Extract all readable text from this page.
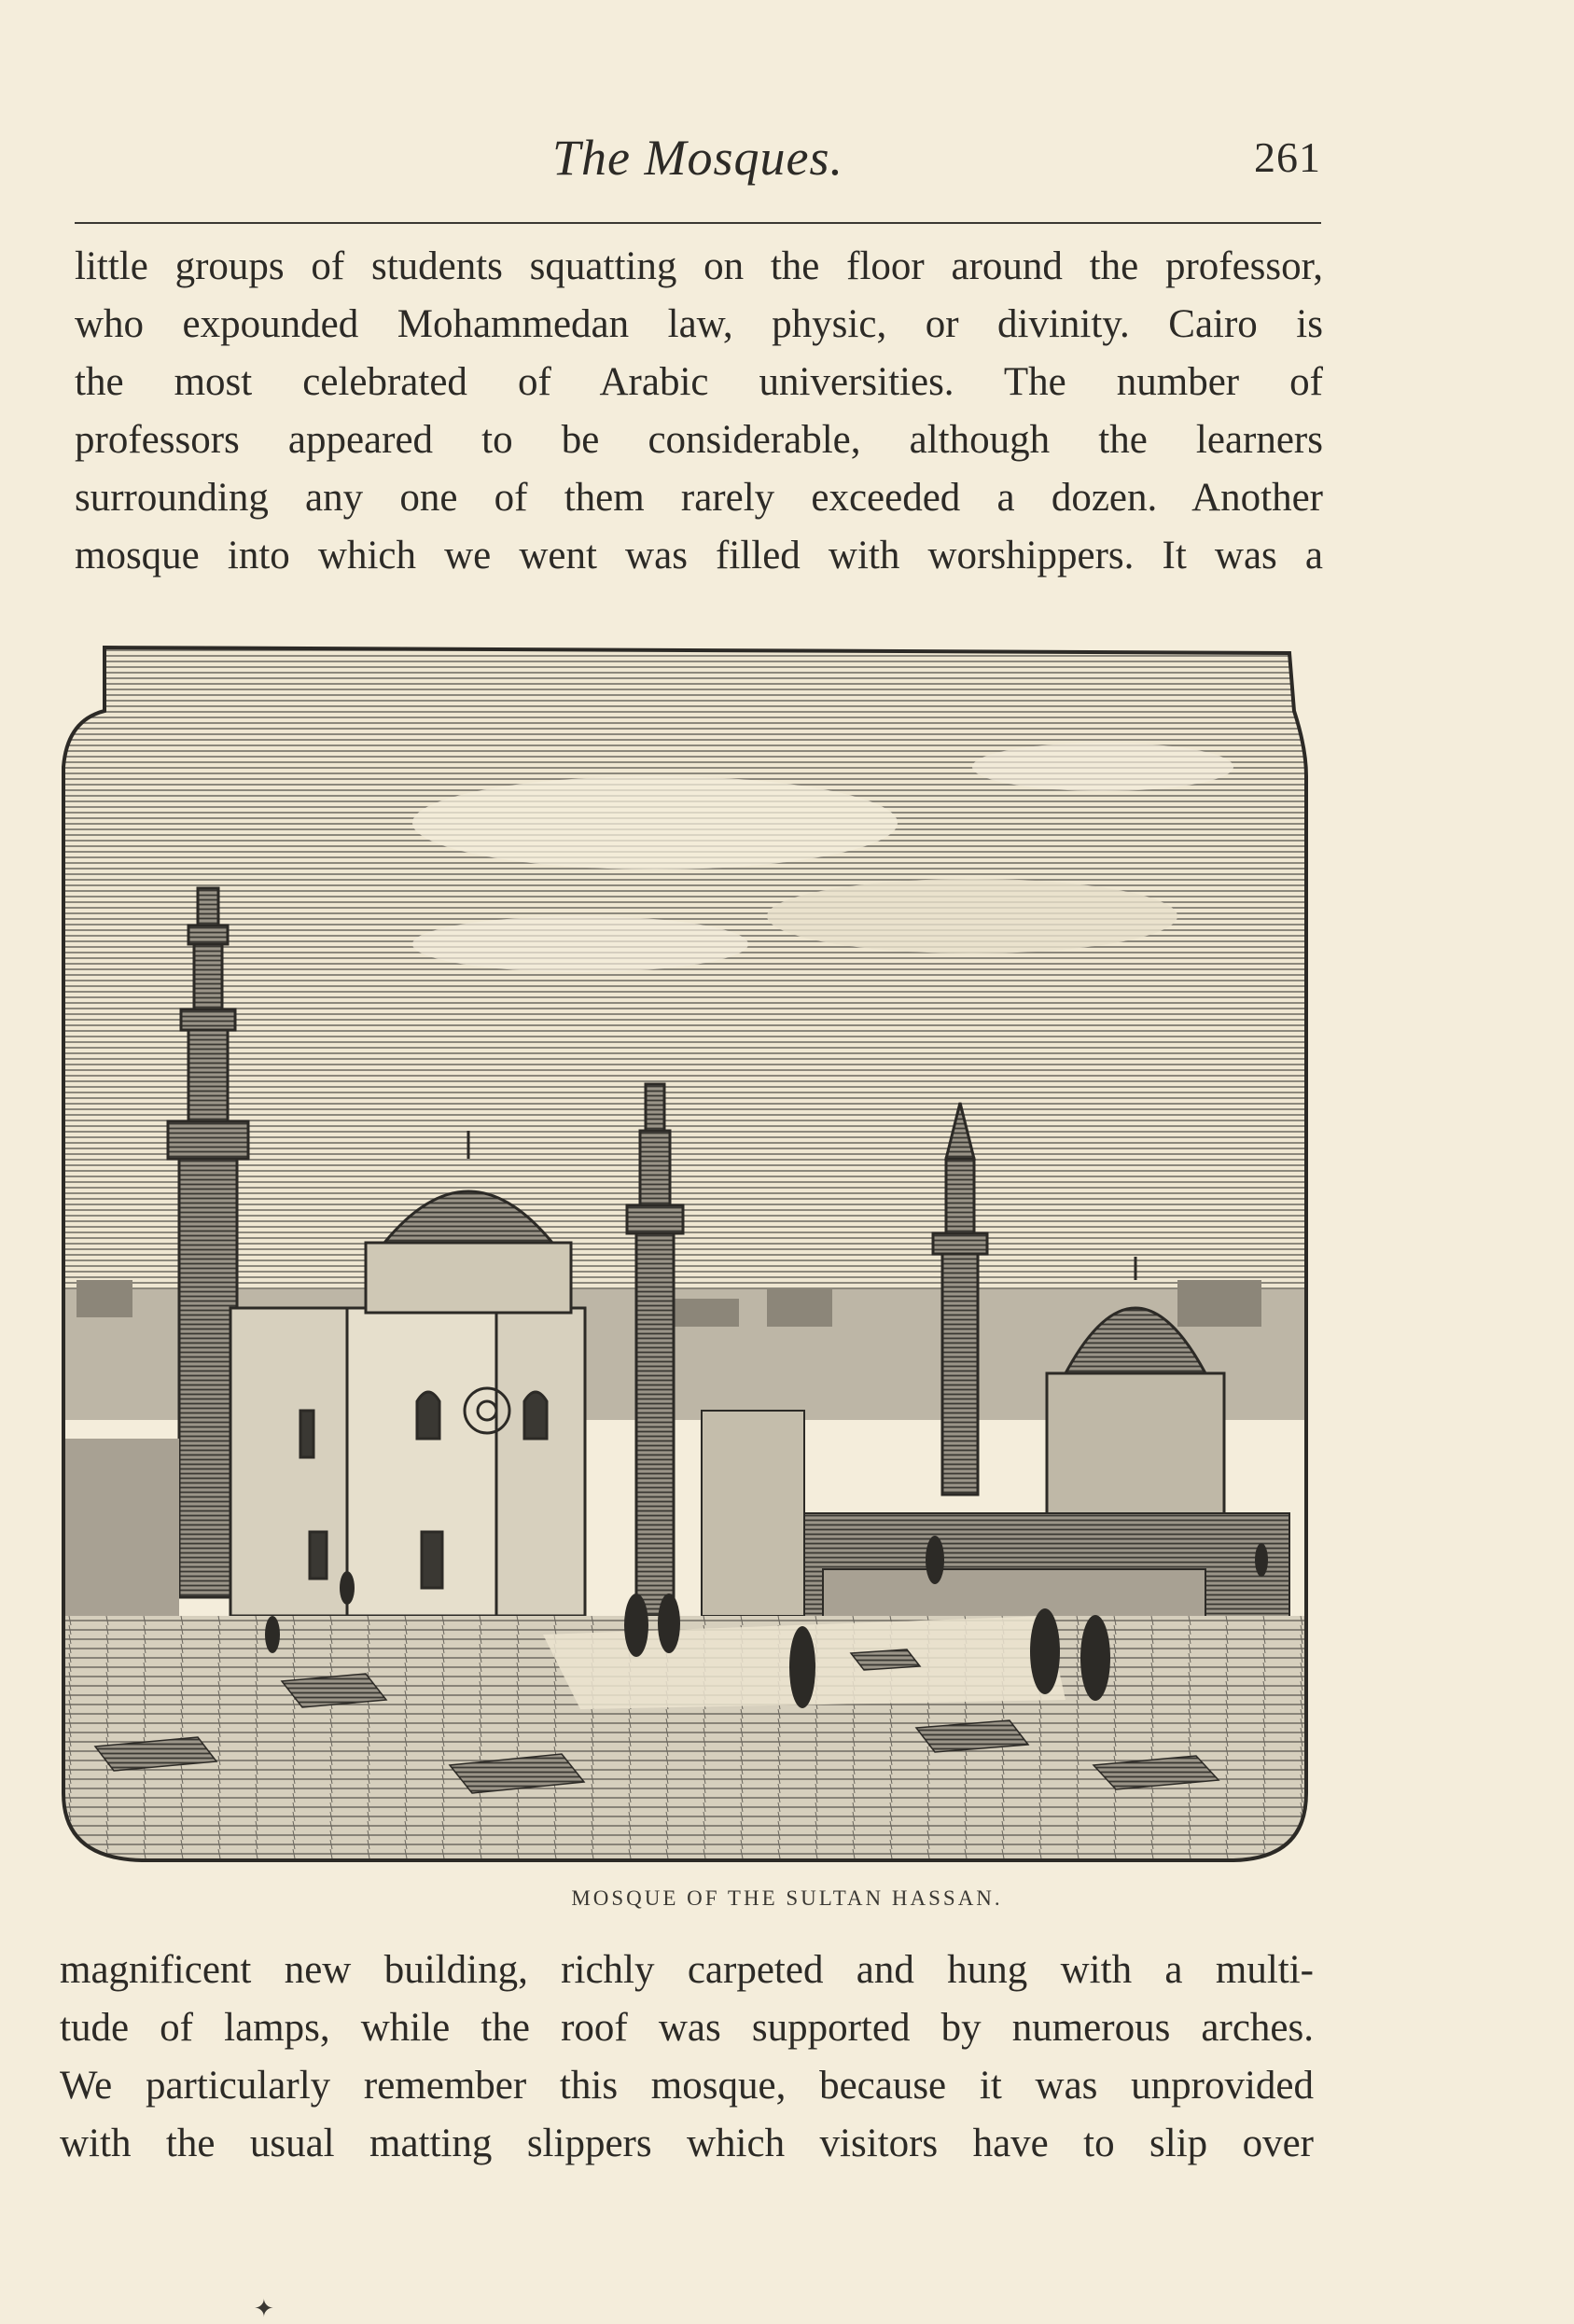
The Mosques.	261
little groups of students squatting on the floor around the professor,
who expounded Mohammedan law, physic, or divinity. Cairo is
the most celebrated of Arabic universities. The number of
professors appeared to be considerable, although the learners
surrounding any one of them rarely exceeded a dozen. Another
mosque into which we went was filled with worshippers. It was a
MOSQUE OF THE SULTAN HASSAN.
magnificent new building, richly carpeted and hung with a multi-
tude of lamps, while the roof was supported by numerous arches.
We particularly remember this mosque, because it was unprovided
with the usual matting slippers which visitors have to slip over
✦
